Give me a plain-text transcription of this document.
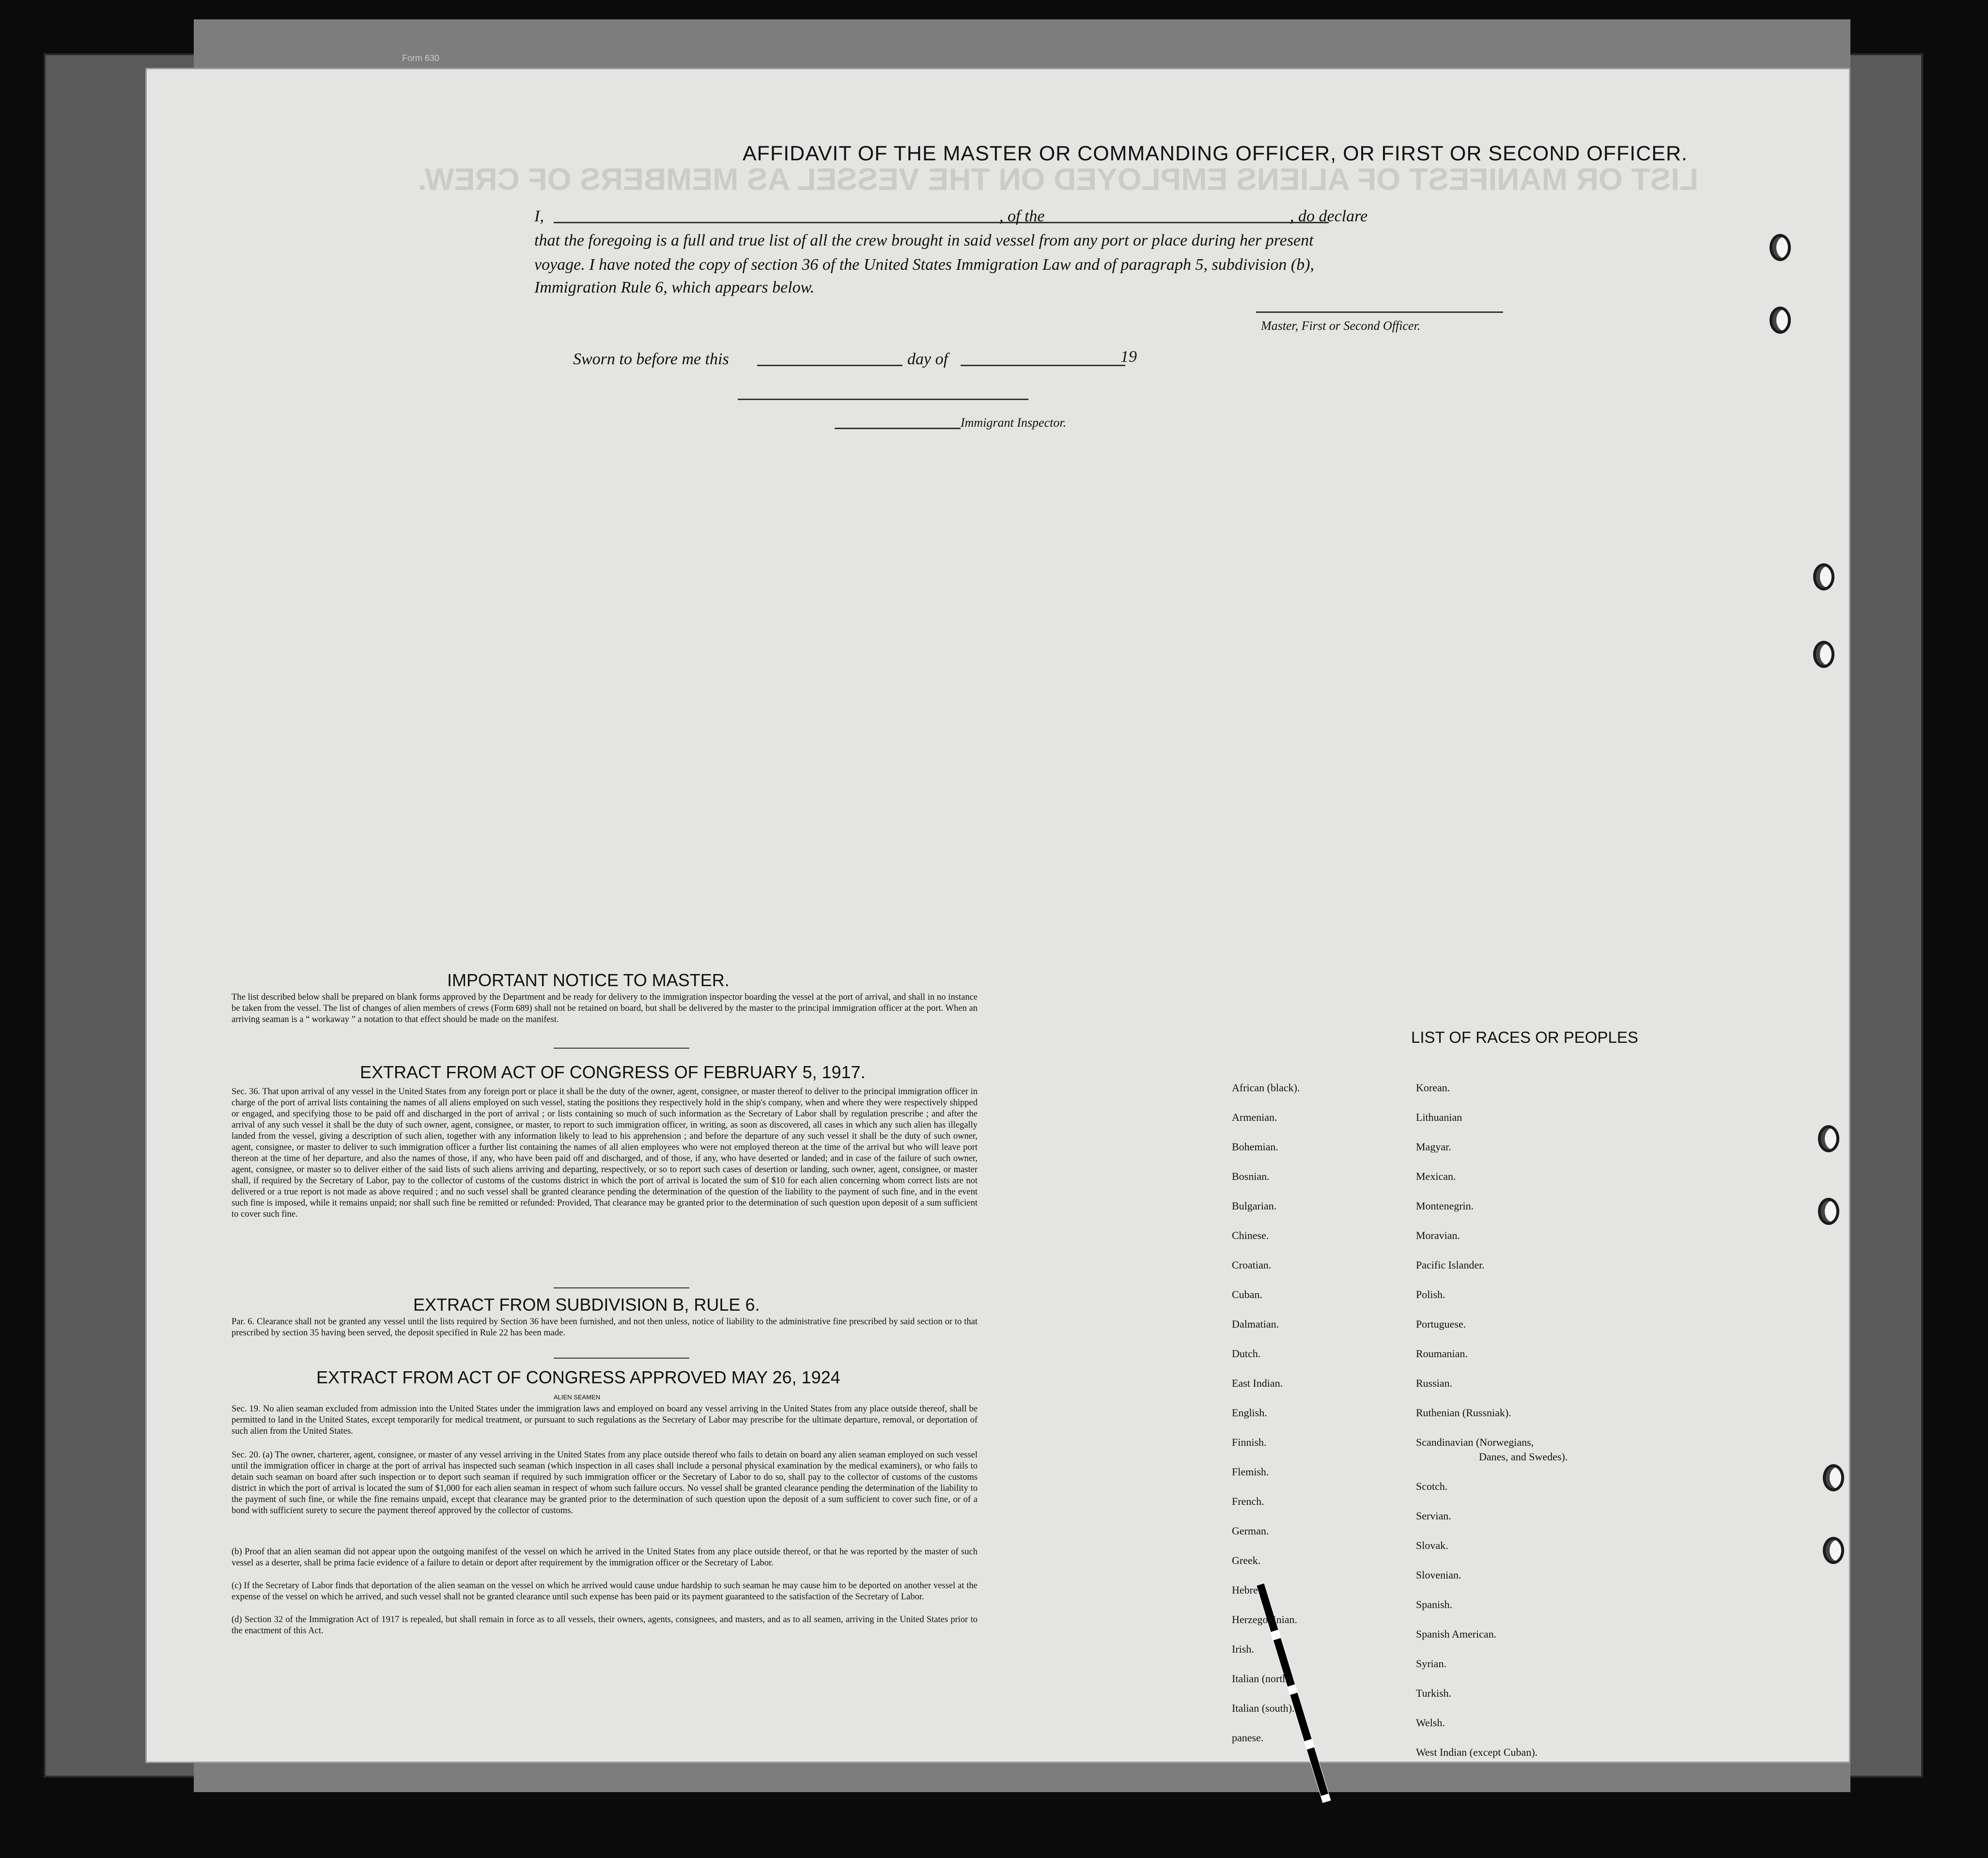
Form 630
LIST OR MANIFEST OF ALIENS EMPLOYED ON THE VESSEL AS MEMBERS OF CREW.
AFFIDAVIT OF THE MASTER OR COMMANDING OFFICER, OR FIRST OR SECOND OFFICER.
I,	, of the	, do declare
that the foregoing is a full and true list of all the crew brought in said vessel from any port or place during her present
voyage. I have noted the copy of section 36 of the United States Immigration Law and of paragraph 5, subdivision (b),
Immigration Rule 6, which appears below.
Master, First or Second Officer.
Sworn to before me this	day of	19
Immigrant Inspector.
IMPORTANT NOTICE TO MASTER.
The list described below shall be prepared on blank forms approved by the Department and be ready for delivery to the immigration inspector boarding the vessel at the port of arrival, and shall in no instance be taken from the vessel. The list of changes of alien members of crews (Form 689) shall not be retained on board, but shall be delivered by the master to the principal immigration officer at the port. When an arriving seaman is a “ workaway ” a notation to that effect should be made on the manifest.
EXTRACT FROM ACT OF CONGRESS OF FEBRUARY 5, 1917.
Sec. 36. That upon arrival of any vessel in the United States from any foreign port or place it shall be the duty of the owner, agent, consignee, or master thereof to deliver to the principal immigration officer in charge of the port of arrival lists containing the names of all aliens employed on such vessel, stating the positions they respectively hold in the ship's company, when and where they were respectively shipped or engaged, and specifying those to be paid off and discharged in the port of arrival ; or lists containing so much of such information as the Secretary of Labor shall by regulation prescribe ; and after the arrival of any such vessel it shall be the duty of such owner, agent, consignee, or master, to report to such immigration officer, in writing, as soon as discovered, all cases in which any such alien has illegally landed from the vessel, giving a description of such alien, together with any information likely to lead to his apprehension ; and before the departure of any such vessel it shall be the duty of such owner, agent, consignee, or master to deliver to such immigration officer a further list containing the names of all alien employees who were not employed thereon at the time of the arrival but who will leave port thereon at the time of her departure, and also the names of those, if any, who have been paid off and discharged, and of those, if any, who have deserted or landed; and in case of the failure of such owner, agent, consignee, or master so to deliver either of the said lists of such aliens arriving and departing, respectively, or so to report such cases of desertion or landing, such owner, agent, consignee, or master shall, if required by the Secretary of Labor, pay to the collector of customs of the customs district in which the port of arrival is located the sum of $10 for each alien concerning whom correct lists are not delivered or a true report is not made as above required ; and no such vessel shall be granted clearance pending the determination of the question of the liability to the payment of such fine, and in the event such fine is imposed, while it remains unpaid; nor shall such fine be remitted or refunded: Provided, That clearance may be granted prior to the determination of such question upon deposit of a sum sufficient to cover such fine.
EXTRACT FROM SUBDIVISION B, RULE 6.
Par. 6. Clearance shall not be granted any vessel until the lists required by Section 36 have been furnished, and not then unless, notice of liability to the administrative fine prescribed by said section or to that prescribed by section 35 having been served, the deposit specified in Rule 22 has been made.
EXTRACT FROM ACT OF CONGRESS APPROVED MAY 26, 1924
ALIEN SEAMEN
Sec. 19. No alien seaman excluded from admission into the United States under the immigration laws and employed on board any vessel arriving in the United States from any place outside thereof, shall be permitted to land in the United States, except temporarily for medical treatment, or pursuant to such regulations as the Secretary of Labor may prescribe for the ultimate departure, removal, or deportation of such alien from the United States.
Sec. 20. (a) The owner, charterer, agent, consignee, or master of any vessel arriving in the United States from any place outside thereof who fails to detain on board any alien seaman employed on such vessel until the immigration officer in charge at the port of arrival has inspected such seaman (which inspection in all cases shall include a personal physical examination by the medical examiners), or who fails to detain such seaman on board after such inspection or to deport such seaman if required by such immigration officer or the Secretary of Labor to do so, shall pay to the collector of customs of the customs district in which the port of arrival is located the sum of $1,000 for each alien seaman in respect of whom such failure occurs. No vessel shall be granted clearance pending the determination of the liability to the payment of such fine, or while the fine remains unpaid, except that clearance may be granted prior to the determination of such question upon the deposit of a sum sufficient to cover such fine, or of a bond with sufficient surety to secure the payment thereof approved by the collector of customs.
(b) Proof that an alien seaman did not appear upon the outgoing manifest of the vessel on which he arrived in the United States from any place outside thereof, or that he was reported by the master of such vessel as a deserter, shall be prima facie evidence of a failure to detain or deport after requirement by the immigration officer or the Secretary of Labor.
(c) If the Secretary of Labor finds that deportation of the alien seaman on the vessel on which he arrived would cause undue hardship to such seaman he may cause him to be deported on another vessel at the expense of the vessel on which he arrived, and such vessel shall not be granted clearance until such expense has been paid or its payment guaranteed to the satisfaction of the Secretary of Labor.
(d) Section 32 of the Immigration Act of 1917 is repealed, but shall remain in force as to all vessels, their owners, agents, consignees, and masters, and as to all seamen, arriving in the United States prior to the enactment of this Act.
LIST OF RACES OR PEOPLES
African (black).
Armenian.
Bohemian.
Bosnian.
Bulgarian.
Chinese.
Croatian.
Cuban.
Dalmatian.
Dutch.
East Indian.
English.
Finnish.
Flemish.
French.
German.
Greek.
Hebrew.
Herzegovinian.
Irish.
Italian (north).
Italian (south).
panese.
Korean.
Lithuanian
Magyar.
Mexican.
Montenegrin.
Moravian.
Pacific Islander.
Polish.
Portuguese.
Roumanian.
Russian.
Ruthenian (Russniak).
Scandinavian (Norwegians,
Danes, and Swedes).
Scotch.
Servian.
Slovak.
Slovenian.
Spanish.
Spanish American.
Syrian.
Turkish.
Welsh.
West Indian (except Cuban).
